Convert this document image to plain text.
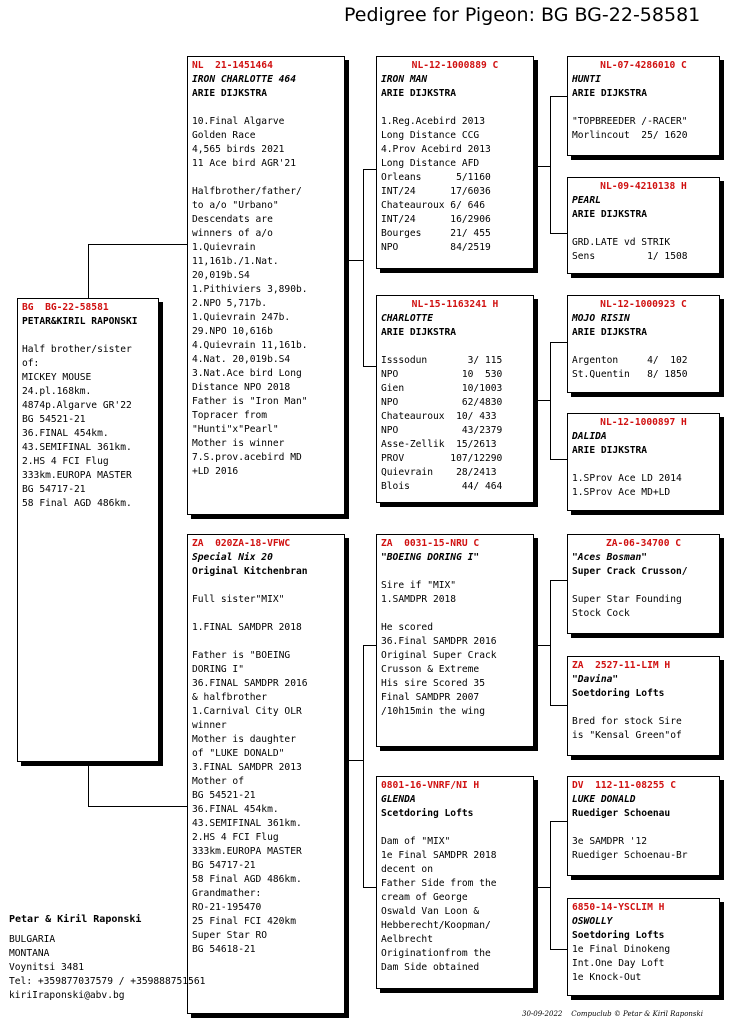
Pedigree for Pigeon: BG BG-22-58581
BG  BG-22-58581
PETAR&KIRIL RAPONSKI
Half brother/sister
of:
MICKEY MOUSE
24.pl.168km.
4874p.Algarve GR'22
BG 54521-21
36.FINAL 454km.
43.SEMIFINAL 361km.
2.HS 4 FCI Flug
333km.EUROPA MASTER
BG 54717-21
58 Final AGD 486km.
NL  21-1451464
IRON CHARLOTTE 464
ARIE DIJKSTRA
10.Final Algarve
Golden Race
4,565 birds 2021
11 Ace bird AGR'21
Halfbrother/father/
to a/o "Urbano"
Descendats are
winners of a/o
1.Quievrain
11,161b./1.Nat.
20,019b.S4
1.Pithiviers 3,890b.
2.NPO 5,717b.
1.Quievrain 247b.
29.NPO 10,616b
4.Quievrain 11,161b.
4.Nat. 20,019b.S4
3.Nat.Ace bird Long
Distance NPO 2018
Father is "Iron Man"
Topracer from
"Hunti"x"Pearl"
Mother is winner
7.S.prov.acebird MD
+LD 2016
ZA  020ZA-18-VFWC
Special Nix 20
Original Kitchenbran
Full sister"MIX"
1.FINAL SAMDPR 2018
Father is "BOEING
DORING I"
36.FINAL SAMDPR 2016
& halfbrother
1.Carnival City OLR
winner
Mother is daughter
of "LUKE DONALD"
3.FINAL SAMDPR 2013
Mother of
BG 54521-21
36.FINAL 454km.
43.SEMIFINAL 361km.
2.HS 4 FCI Flug
333km.EUROPA MASTER
BG 54717-21
58 Final AGD 486km.
Grandmather:
RO-21-195470
25 Final FCI 420km
Super Star RO
BG 54618-21
NL-12-1000889 C
IRON MAN
ARIE DIJKSTRA
1.Reg.Acebird 2013
Long Distance CCG
4.Prov Acebird 2013
Long Distance AFD
Orleans      5/1160
INT/24      17/6036
Chateauroux 6/ 646
INT/24      16/2906
Bourges     21/ 455
NPO         84/2519
NL-15-1163241 H
CHARLOTTE
ARIE DIJKSTRA
Isssodun       3/ 115
NPO           10  530
Gien          10/1003
NPO           62/4830
Chateauroux  10/ 433
NPO           43/2379
Asse-Zellik  15/2613
PROV        107/12290
Quievrain    28/2413
Blois         44/ 464
ZA  0031-15-NRU C
"BOEING DORING I"
Sire if "MIX"
1.SAMDPR 2018
He scored
36.Final SAMDPR 2016
Original Super Crack
Crusson & Extreme
His sire Scored 35
Final SAMDPR 2007
/10h15min the wing
0801-16-VNRF/NI H
GLENDA
Scetdoring Lofts
Dam of "MIX"
1e Final SAMDPR 2018
decent on
Father Side from the
cream of George
Oswald Van Loon &
Hebberecht/Koopman/
Aelbrecht
Originationfrom the
Dam Side obtained
NL-07-4286010 C
HUNTI
ARIE DIJKSTRA
"TOPBREEDER /-RACER"
Morlincout  25/ 1620
NL-09-4210138 H
PEARL
ARIE DIJKSTRA
GRD.LATE vd STRIK
Sens         1/ 1508
NL-12-1000923 C
MOJO RISIN
ARIE DIJKSTRA
Argenton     4/  102
St.Quentin   8/ 1850
NL-12-1000897 H
DALIDA
ARIE DIJKSTRA
1.SProv Ace LD 2014
1.SProv Ace MD+LD
ZA-06-34700 C
"Aces Bosman"
Super Crack Crusson/
Super Star Founding
Stock Cock
ZA  2527-11-LIM H
"Davina"
Soetdoring Lofts
Bred for stock Sire
is "Kensal Green"of
DV  112-11-08255 C
LUKE DONALD
Ruediger Schoenau
3e SAMDPR '12
Ruediger Schoenau-Br
6850-14-YSCLIM H
OSWOLLY
Soetdoring Lofts
1e Final Dinokeng
Int.One Day Loft
1e Knock-Out
Petar & Kiril Raponski
BULGARIA
MONTANA
Voynitsi 3481
Tel: +359877037579 / +359888751561
kiriIraponski@abv.bg
30-09-2022    Compuclub © Petar & Kiril Raponski
